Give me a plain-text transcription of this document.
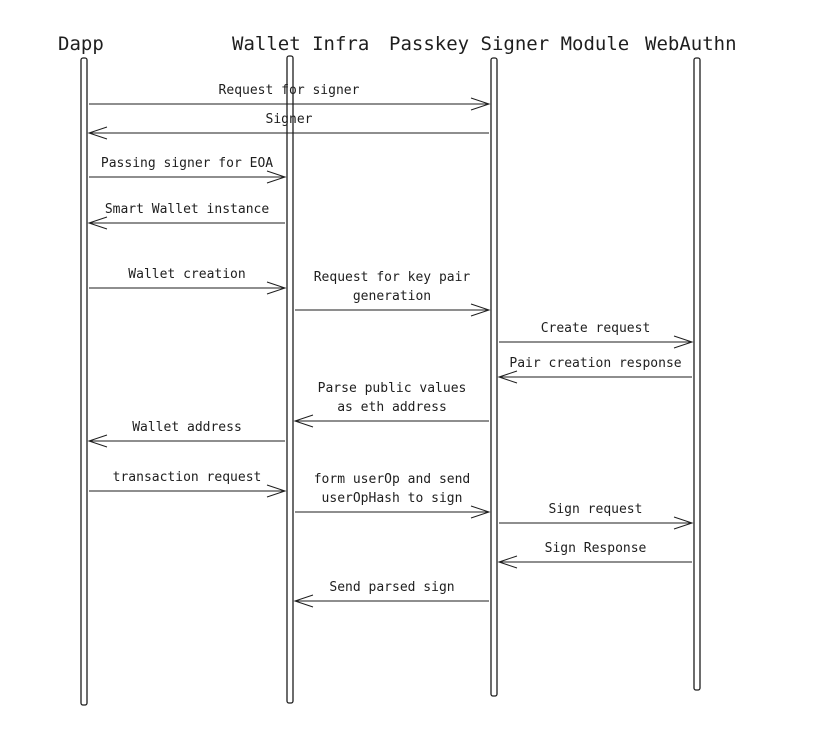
Request for signer
Signer
Passing signer for EOA
Smart Wallet instance
Wallet creation	Request for key pair
generation
Create request
Pair creation response
Parse public values
as eth address
Wallet address
transaction request	form userOp and send
userOpHash to sign
Sign request
Sign Response
Send parsed sign
Dapp	Wallet Infra Passkey Signer Module WebAuthn
